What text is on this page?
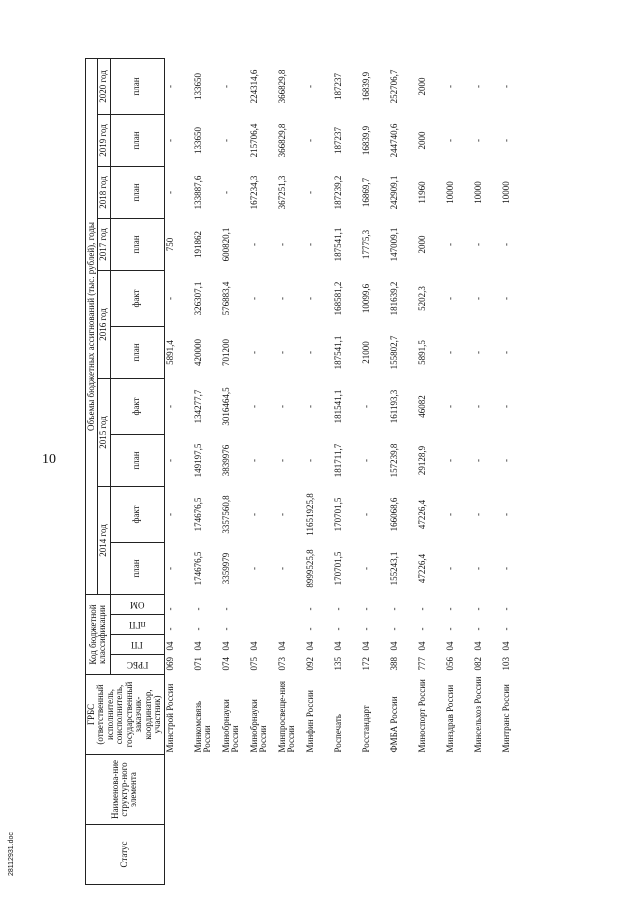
10
28112931.doc	Статус	Наименова-ние структур-ного элемента	ГРБС (ответственный исполнитель, соисполнитель, государственный заказчик-координатор, участник)	Код бюджетной классификации				Объемы бюджетных ассигнований (тыс. рублей), годы									
							2014 год		2015 год		2016 год		2017 год	2018 год	2019 год	2020 год

			ГРБС	ГП	пГП	ОМ	план	факт	план	факт	план	факт	план	план	план	план

		Минстрой России	069	04	-	-	-	-	-	-	5891,4	-	750	-	-	-
		Минкомсвязь России	071	04	-	-	174676,5	174676,5	149197,5	134277,7	420000	326307,1	191862	133887,6	133650	133650
		Минобрнауки России	074	04	-	-	3359979	3357560,8	3839976	3016464,5	701200	576883,4	600820,1	-	-	-
		Минобрнауки России	075	04			-	-	-	-	-	-	-	167234,3	215706,4	224314,6
		Минпросвеще-ния России	073	04			-	-	-	-	-	-	-	367251,3	366829,8	366829,8
		Минфин России	092	04	-	-	8999525,8	11651925,8	-	-	-	-	-	-	-	-
		Роспечать	135	04	-	-	170701,5	170701,5	181711,7	181541,1	187541,1	168581,2	187541,1	187239,2	187237	187237
		Росстандарт	172	04	-	-	-	-	-	-	21000	10099,6	17775,3	16869,7	16839,9	16839,9
		ФМБА России	388	04	-	-	155243,1	166068,6	157239,8	161193,3	155802,7	181639,2	147009,1	242909,1	244740,6	252706,7
		Миноспорт России	777	04	-	-	47226,4	47226,4	29128,9	46082	5891,5	5202,3	2000	11960	2000	2000
		Минздрав России	056	04	-	-	-	-	-	-	-	-	-	10000	-	-
		Минсельхоз России	082	04	-	-	-	-	-	-	-	-	-	10000	-	-
		Минтранс России	103	04	-	-	-	-	-	-	-	-	-	10000	-	-
